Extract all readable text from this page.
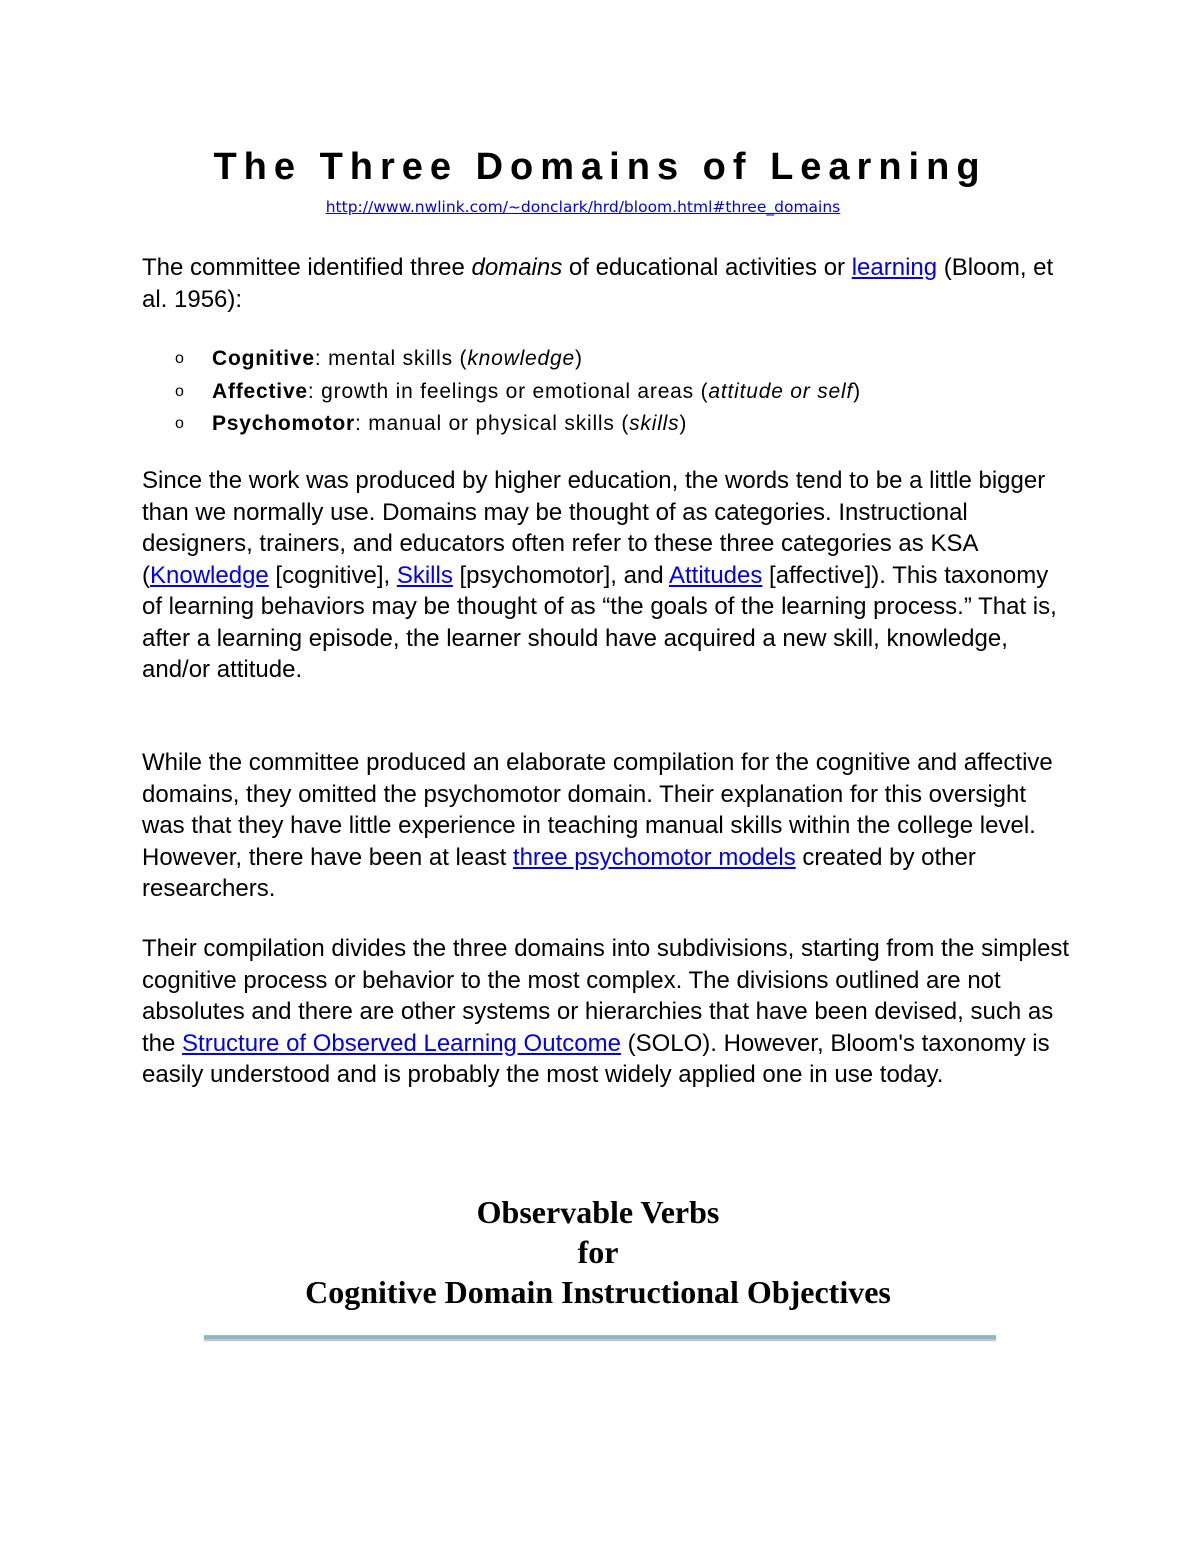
The Three Domains of Learning
http://www.nwlink.com/~donclark/hrd/bloom.html#three_domains

The committee identified three domains of educational activities or learning (Bloom, et al. 1956):

o Cognitive: mental skills (knowledge)
o Affective: growth in feelings or emotional areas (attitude or self)
o Psychomotor: manual or physical skills (skills)

Since the work was produced by higher education, the words tend to be a little bigger than we normally use. Domains may be thought of as categories. Instructional designers, trainers, and educators often refer to these three categories as KSA (Knowledge [cognitive], Skills [psychomotor], and Attitudes [affective]). This taxonomy of learning behaviors may be thought of as “the goals of the learning process.” That is, after a learning episode, the learner should have acquired a new skill, knowledge, and/or attitude.

While the committee produced an elaborate compilation for the cognitive and affective domains, they omitted the psychomotor domain. Their explanation for this oversight was that they have little experience in teaching manual skills within the college level. However, there have been at least three psychomotor models created by other researchers.

Their compilation divides the three domains into subdivisions, starting from the simplest cognitive process or behavior to the most complex. The divisions outlined are not absolutes and there are other systems or hierarchies that have been devised, such as the Structure of Observed Learning Outcome (SOLO). However, Bloom's taxonomy is easily understood and is probably the most widely applied one in use today.

Observable Verbs
for
Cognitive Domain Instructional Objectives
